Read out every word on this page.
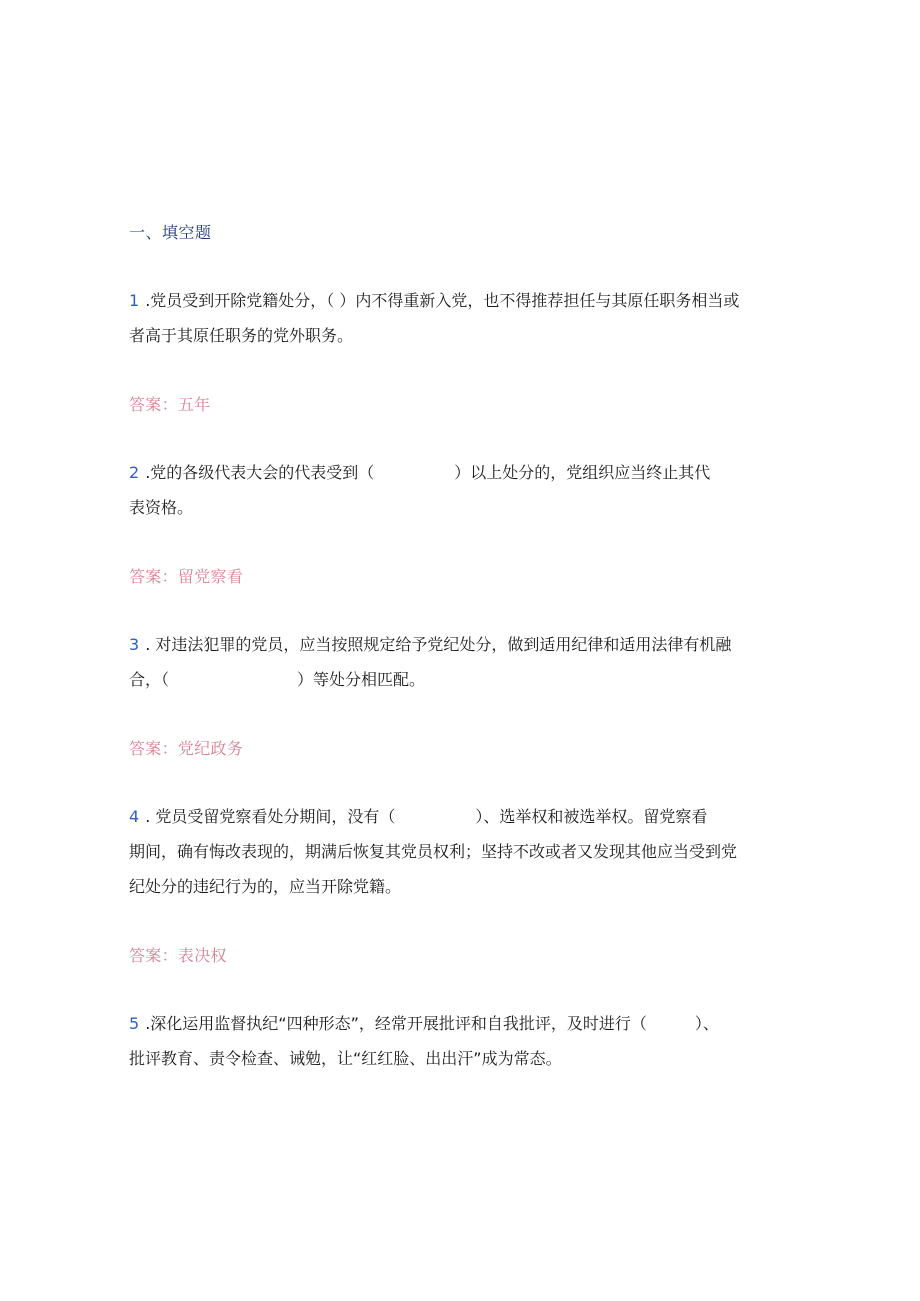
一、填空题
1 .党员受到开除党籍处分，（ ）内不得重新入党，也不得推荐担任与其原任职务相当或
者高于其原任职务的党外职务。
答案：五年
2 .党的各级代表大会的代表受到（　　　　　）以上处分的，党组织应当终止其代
表资格。
答案：留党察看
3 . 对违法犯罪的党员，应当按照规定给予党纪处分，做到适用纪律和适用法律有机融
合，（　　　　　　　　）等处分相匹配。
答案：党纪政务
4 . 党员受留党察看处分期间，没有（　　　　　）、选举权和被选举权。留党察看
期间，确有悔改表现的，期满后恢复其党员权利；坚持不改或者又发现其他应当受到党
纪处分的违纪行为的，应当开除党籍。
答案：表决权
5 .深化运用监督执纪“四种形态”，经常开展批评和自我批评，及时进行（　　　）、
批评教育、责令检查、诫勉，让“红红脸、出出汗”成为常态。
